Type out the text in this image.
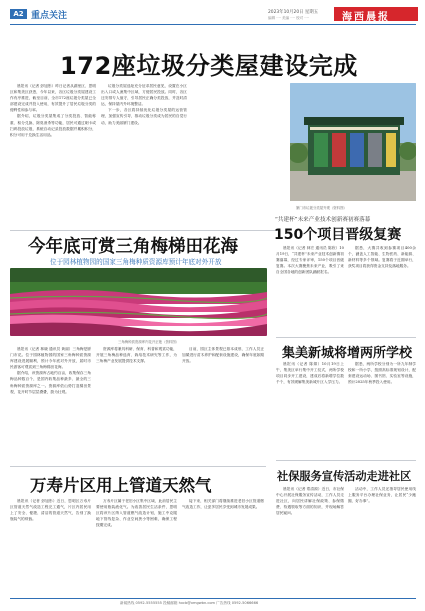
A2 重点关注	2023年10月20日 星期五
编辑 ···· 美编 ···· 校对 ····	海西晨报
172座垃圾分类屋建设完成
晨报讯（记者 彭旭彤）昨日记者从湖里区、思明区和集美区获悉，今年以来，各区垃圾分类屋建设工作有序推进，截至目前，全市172座垃圾分类屋已全部建设完成并投入使用，有效提升了居民垃圾分类的便利性和参与率。
据介绍，垃圾分类屋集成了分类投放、智能称重、积分兑换、除臭消杀等功能，居民可通过刷卡或扫码投放垃圾，系统自动记录投放数据并累积积分，积分可用于兑换生活用品。
垃圾分类屋选址充分征求居民意见，设置在小区出入口或人流集中区域，方便居民投放。同时，各区还安排专人值守，引导居民正确分类投放，并及时清运，保持屋内外环境整洁。
下一步，各区将持续优化垃圾分类屋的运营管理，加强宣传引导，推动垃圾分类成为居民的自觉行动，助力美丽厦门建设。
厦门市垃圾分类屋外观（资料图）
“共建杯”未来产业技术创新赛初赛落幕
150个项目晋级复赛
晨报讯（记者 林宏 通讯员 陈欣）10月19日，“共建杯”未来产业技术创新赛初赛落幕，经过专家评审，150个项目晋级复赛。本次大赛聚焦未来产业，吸引了来自全国各地的创新团队踊跃报名。
据悉，大赛共收到参赛项目400余个，涵盖人工智能、生物医药、新能源、新材料等多个领域。复赛将于近期举行，获奖项目将获得资金支持及落地服务。
今年底可赏三角梅梯田花海
位于园林植物园的国家三角梅种质资源库预计年底对外开放
三角梅种质资源库内花开正艳（资料图）
晨报讯（记者 林晓 通讯员 黄丽）三角梅是厦门市花。位于园林植物园的国家三角梅种质资源库建设进展顺利，预计今年底对外开放，届时市民游客可观赏到三角梅梯田花海。
据介绍，该资源库占地约百亩，收集保存三角梅品种数百个，是国内收集品种最多、最全的三角梅种质资源库之一。资源库依山势打造梯田景观，花开时节层层叠叠，蔚为壮观。
资源库将兼具科研、保育、科普和观赏功能，开展三角梅品种选育、栽培技术研究等工作，为三角梅产业发展提供技术支撑。
目前，园区主体景观已基本成形，工作人员正加紧进行苗木养护和配套设施建设，确保年底如期开放。
集美新城将增两所学校
晨报讯（记者 陈婧）10月19日上午，集美区举行集中开工仪式，两所学校项目同步开工建设，建成后将新增学位数千个，有效缓解集美新城片区入学压力。
据悉，两所学校分别为一所九年制学校和一所小学，按照高标准规划设计，配套建设运动场、图书馆、实验室等设施，预计2025年秋季投入使用。
万寿片区用上管道天然气
晨报讯（记者 彭旭彤）近日，思明区万寿片区管道天然气改造工程完工通气，片区内居民用上了安全、便捷、清洁的管道天然气，告别了换瓶装气的烦恼。
万寿片区属于老旧小区集中区域，此前居民主要使用瓶装液化气。为改善居民生活条件，思明区将该片区纳入管道燃气改造计划，施工中克服地下管线复杂、作业空间狭小等困难，确保工程按期完成。
接下来，相关部门将继续推进老旧小区管道燃气改造工作，让更多居民享受到城市发展成果。
社保服务宣传活动走进社区
晨报讯（记者 郑清源）近日，市社保中心开展社保服务宣传活动，工作人员走进社区，向居民讲解社保政策、参保缴费、待遇领取等方面的知识，并现场解答居民疑问。
活动中，工作人员还指导居民使用线上服务平台办理社保业务，让居民“少跑腿、好办事”。
新闻热线 0592-5555555 投稿邮箱 hxcb@xmgwbn.com 广告热线 0592-5066666
